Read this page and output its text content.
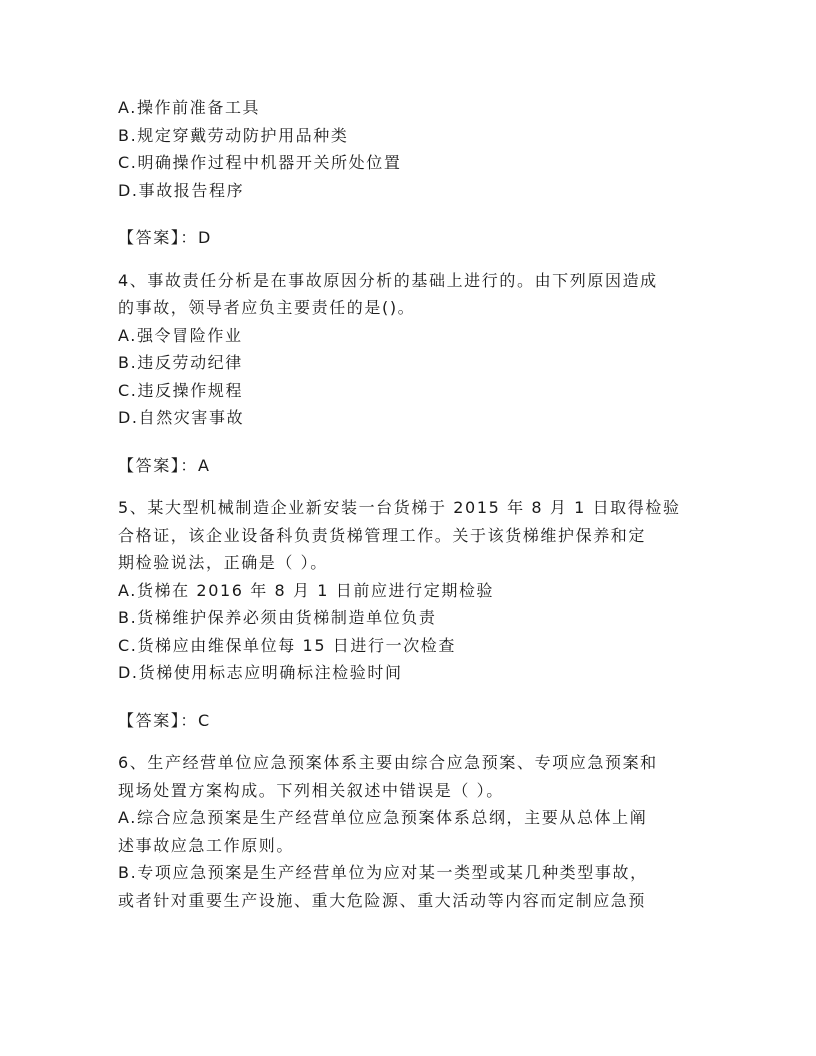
A.操作前准备工具
B.规定穿戴劳动防护用品种类
C.明确操作过程中机器开关所处位置
D.事故报告程序
【答案】：D
4、事故责任分析是在事故原因分析的基础上进行的。由下列原因造成
的事故，领导者应负主要责任的是()。
A.强令冒险作业
B.违反劳动纪律
C.违反操作规程
D.自然灾害事故
【答案】：A
5、某大型机械制造企业新安装一台货梯于 2015 年 8 月 1 日取得检验
合格证，该企业设备科负责货梯管理工作。关于该货梯维护保养和定
期检验说法，正确是（ ）。
A.货梯在 2016 年 8 月 1 日前应进行定期检验
B.货梯维护保养必须由货梯制造单位负责
C.货梯应由维保单位每 15 日进行一次检查
D.货梯使用标志应明确标注检验时间
【答案】：C
6、生产经营单位应急预案体系主要由综合应急预案、专项应急预案和
现场处置方案构成。下列相关叙述中错误是（ ）。
A.综合应急预案是生产经营单位应急预案体系总纲，主要从总体上阐
述事故应急工作原则。
B.专项应急预案是生产经营单位为应对某一类型或某几种类型事故，
或者针对重要生产设施、重大危险源、重大活动等内容而定制应急预
